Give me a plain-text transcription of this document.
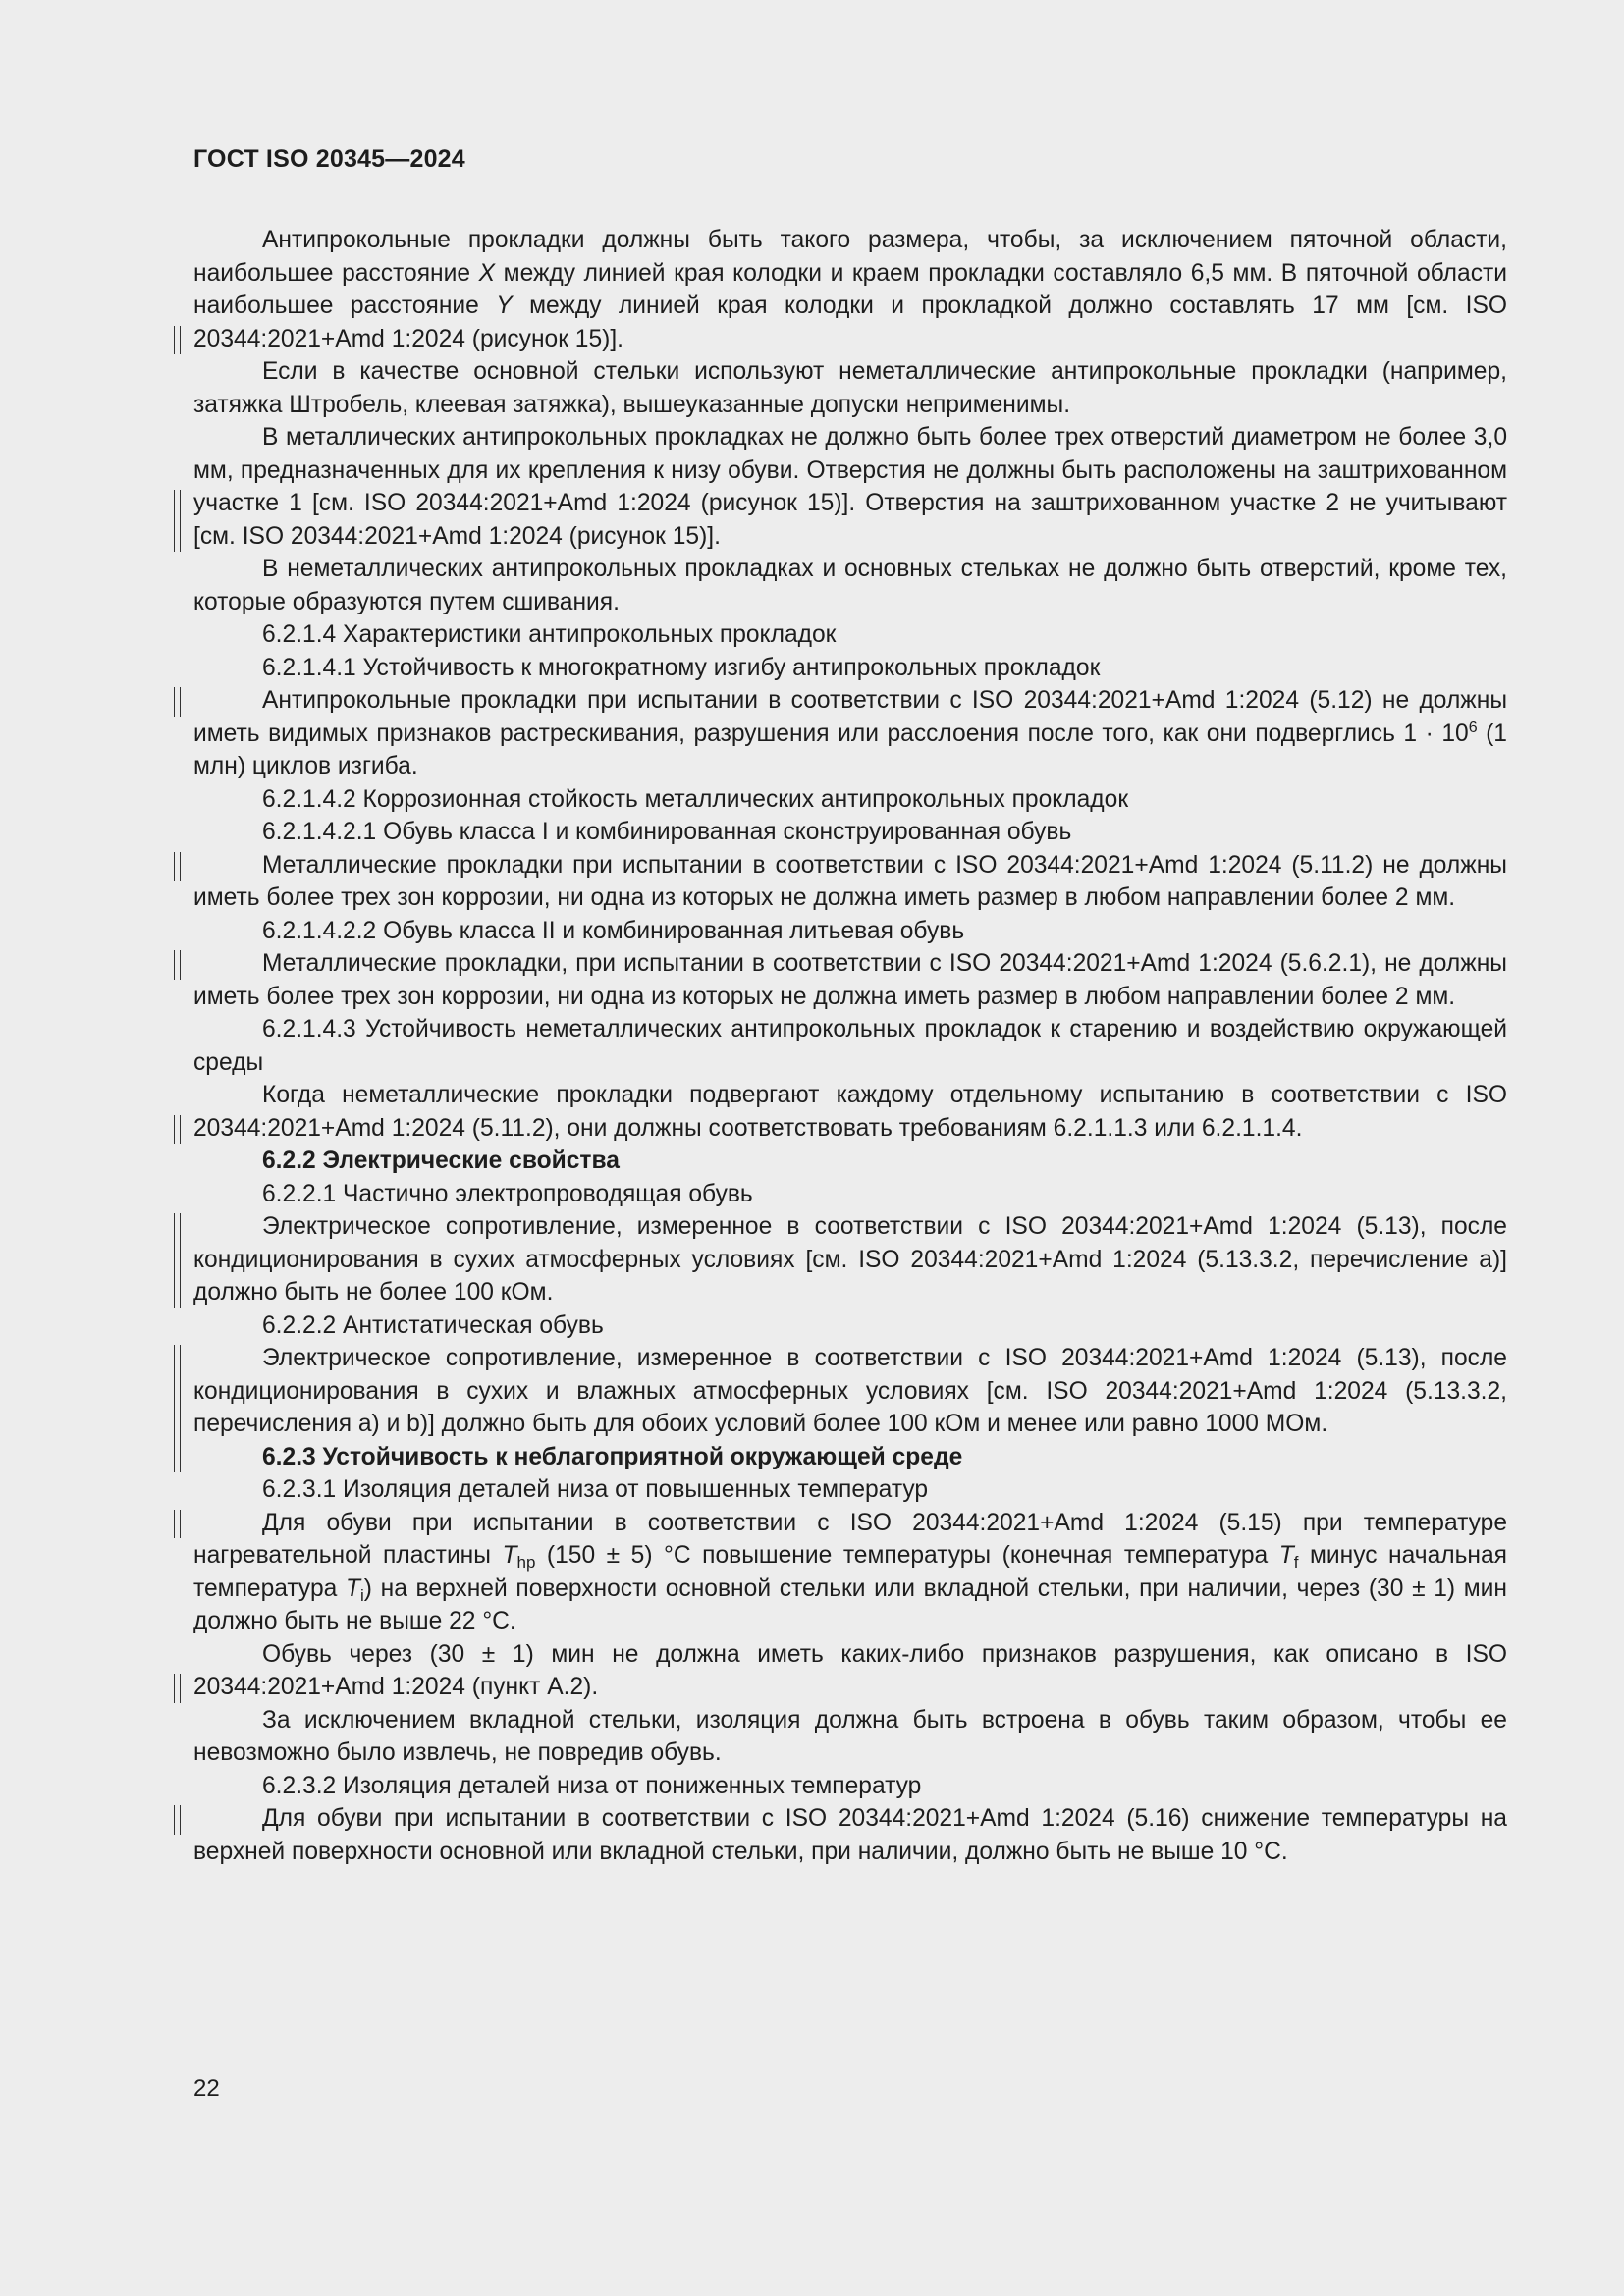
ГОСТ ISO 20345—2024

Антипрокольные прокладки должны быть такого размера, чтобы, за исключением пяточной области, наибольшее расстояние X между линией края колодки и краем прокладки составляло 6,5 мм. В пяточной области наибольшее расстояние Y между линией края колодки и прокладкой должно составлять 17 мм [см. ISO 20344:2021+Amd 1:2024 (рисунок 15)].

Если в качестве основной стельки используют неметаллические антипрокольные прокладки (например, затяжка Штробель, клеевая затяжка), вышеуказанные допуски неприменимы.

В металлических антипрокольных прокладках не должно быть более трех отверстий диаметром не более 3,0 мм, предназначенных для их крепления к низу обуви. Отверстия не должны быть расположены на заштрихованном участке 1 [см. ISO 20344:2021+Amd 1:2024 (рисунок 15)]. Отверстия на заштрихованном участке 2 не учитывают [см. ISO 20344:2021+Amd 1:2024 (рисунок 15)].

В неметаллических антипрокольных прокладках и основных стельках не должно быть отверстий, кроме тех, которые образуются путем сшивания.

6.2.1.4 Характеристики антипрокольных прокладок

6.2.1.4.1 Устойчивость к многократному изгибу антипрокольных прокладок

Антипрокольные прокладки при испытании в соответствии с ISO 20344:2021+Amd 1:2024 (5.12) не должны иметь видимых признаков растрескивания, разрушения или расслоения после того, как они подверглись $1 \cdot 10^6$ (1 млн) циклов изгиба.

6.2.1.4.2 Коррозионная стойкость металлических антипрокольных прокладок

6.2.1.4.2.1 Обувь класса I и комбинированная сконструированная обувь

Металлические прокладки при испытании в соответствии с ISO 20344:2021+Amd 1:2024 (5.11.2) не должны иметь более трех зон коррозии, ни одна из которых не должна иметь размер в любом направлении более 2 мм.

6.2.1.4.2.2 Обувь класса II и комбинированная литьевая обувь

Металлические прокладки, при испытании в соответствии с ISO 20344:2021+Amd 1:2024 (5.6.2.1), не должны иметь более трех зон коррозии, ни одна из которых не должна иметь размер в любом направлении более 2 мм.

6.2.1.4.3 Устойчивость неметаллических антипрокольных прокладок к старению и воздействию окружающей среды

Когда неметаллические прокладки подвергают каждому отдельному испытанию в соответствии с ISO 20344:2021+Amd 1:2024 (5.11.2), они должны соответствовать требованиям 6.2.1.1.3 или 6.2.1.1.4.

6.2.2 Электрические свойства

6.2.2.1 Частично электропроводящая обувь

Электрическое сопротивление, измеренное в соответствии с ISO 20344:2021+Amd 1:2024 (5.13), после кондиционирования в сухих атмосферных условиях [см. ISO 20344:2021+Amd 1:2024 (5.13.3.2, перечисление а)] должно быть не более 100 кОм.

6.2.2.2 Антистатическая обувь

Электрическое сопротивление, измеренное в соответствии с ISO 20344:2021+Amd 1:2024 (5.13), после кондиционирования в сухих и влажных атмосферных условиях [см. ISO 20344:2021+Amd 1:2024 (5.13.3.2, перечисления а) и b)] должно быть для обоих условий более 100 кОм и менее или равно 1000 МОм.

6.2.3 Устойчивость к неблагоприятной окружающей среде

6.2.3.1 Изоляция деталей низа от повышенных температур

Для обуви при испытании в соответствии с ISO 20344:2021+Amd 1:2024 (5.15) при температуре нагревательной пластины $T_{hp}$ (150 ± 5) °С повышение температуры (конечная температура $T_f$ минус начальная температура $T_i$) на верхней поверхности основной стельки или вкладной стельки, при наличии, через (30 ± 1) мин должно быть не выше 22 °С.

Обувь через (30 ± 1) мин не должна иметь каких-либо признаков разрушения, как описано в ISO 20344:2021+Amd 1:2024 (пункт А.2).

За исключением вкладной стельки, изоляция должна быть встроена в обувь таким образом, чтобы ее невозможно было извлечь, не повредив обувь.

6.2.3.2 Изоляция деталей низа от пониженных температур

Для обуви при испытании в соответствии с ISO 20344:2021+Amd 1:2024 (5.16) снижение температуры на верхней поверхности основной или вкладной стельки, при наличии, должно быть не выше 10 °С.

22
